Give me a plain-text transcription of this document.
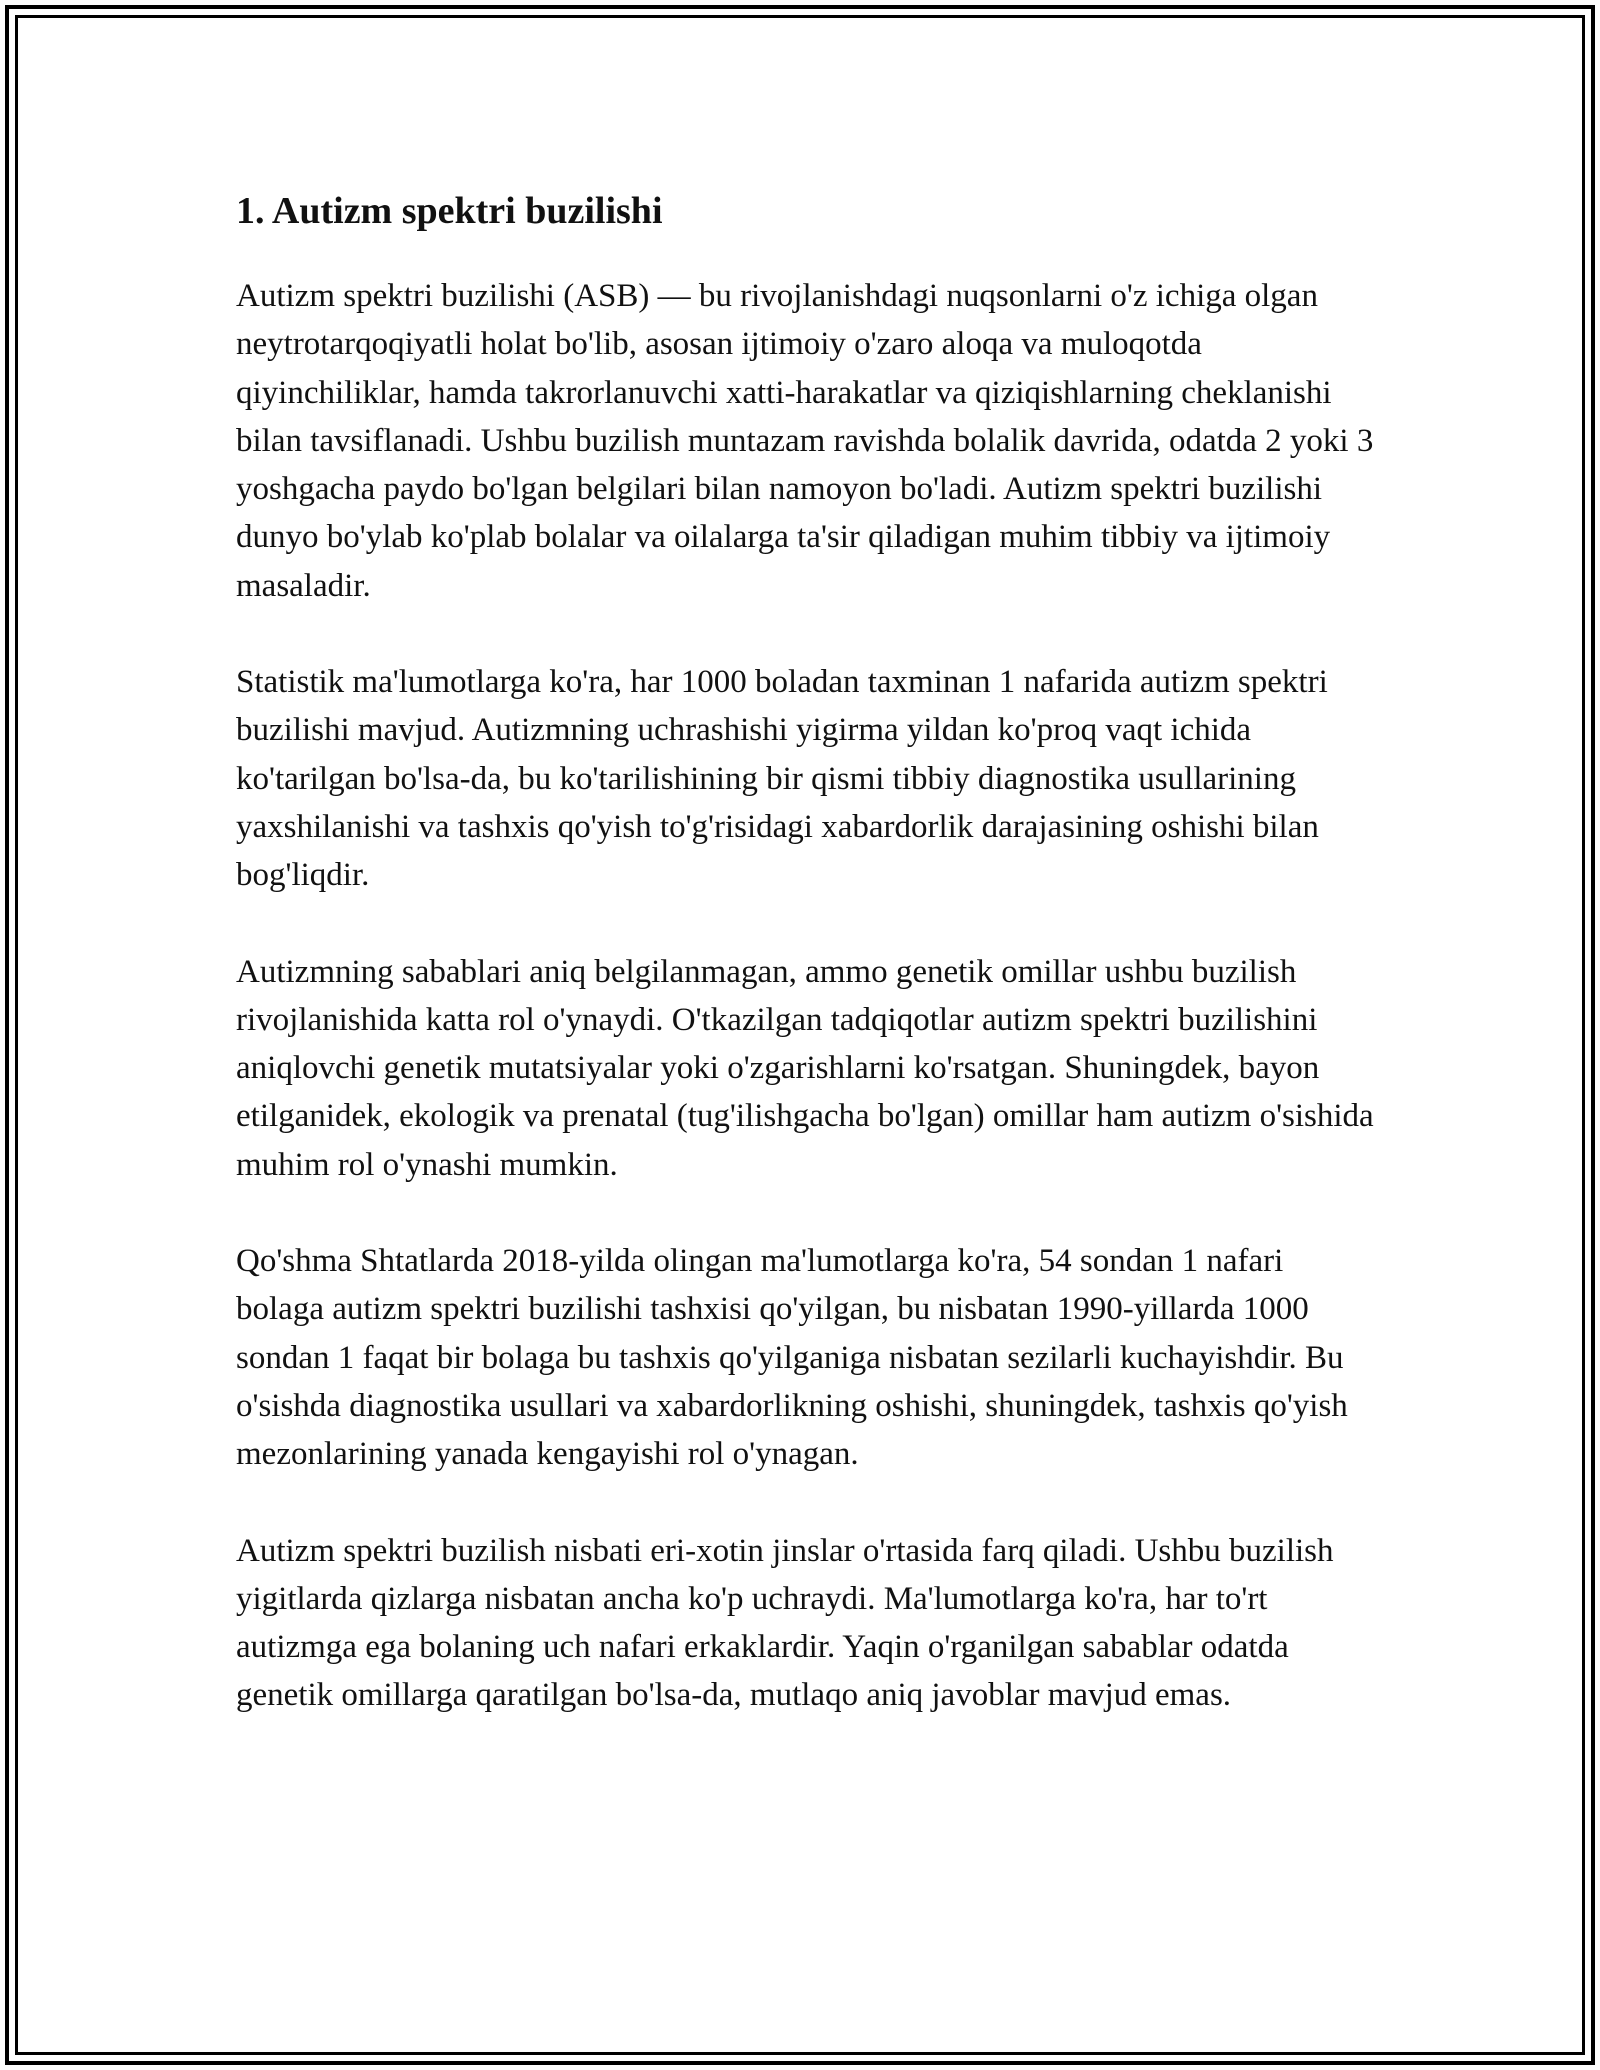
1. Autizm spektri buzilishi

Autizm spektri buzilishi (ASB) — bu rivojlanishdagi nuqsonlarni o'z ichiga olgan neytrotarqoqiyatli holat bo'lib, asosan ijtimoiy o'zaro aloqa va muloqotda qiyinchiliklar, hamda takrorlanuvchi xatti-harakatlar va qiziqishlarning cheklanishi bilan tavsiflanadi. Ushbu buzilish muntazam ravishda bolalik davrida, odatda 2 yoki 3 yoshgacha paydo bo'lgan belgilari bilan namoyon bo'ladi. Autizm spektri buzilishi dunyo bo'ylab ko'plab bolalar va oilalarga ta'sir qiladigan muhim tibbiy va ijtimoiy masaladir.

Statistik ma'lumotlarga ko'ra, har 1000 boladan taxminan 1 nafarida autizm spektri buzilishi mavjud. Autizmning uchrashishi yigirma yildan ko'proq vaqt ichida ko'tarilgan bo'lsa-da, bu ko'tarilishining bir qismi tibbiy diagnostika usullarining yaxshilanishi va tashxis qo'yish to'g'risidagi xabardorlik darajasining oshishi bilan bog'liqdir.

Autizmning sabablari aniq belgilanmagan, ammo genetik omillar ushbu buzilish rivojlanishida katta rol o'ynaydi. O'tkazilgan tadqiqotlar autizm spektri buzilishini aniqlovchi genetik mutatsiyalar yoki o'zgarishlarni ko'rsatgan. Shuningdek, bayon etilganidek, ekologik va prenatal (tug'ilishgacha bo'lgan) omillar ham autizm o'sishida muhim rol o'ynashi mumkin.

Qo'shma Shtatlarda 2018-yilda olingan ma'lumotlarga ko'ra, 54 sondan 1 nafari bolaga autizm spektri buzilishi tashxisi qo'yilgan, bu nisbatan 1990-yillarda 1000 sondan 1 faqat bir bolaga bu tashxis qo'yilganiga nisbatan sezilarli kuchayishdir. Bu o'sishda diagnostika usullari va xabardorlikning oshishi, shuningdek, tashxis qo'yish mezonlarining yanada kengayishi rol o'ynagan.

Autizm spektri buzilish nisbati eri-xotin jinslar o'rtasida farq qiladi. Ushbu buzilish yigitlarda qizlarga nisbatan ancha ko'p uchraydi. Ma'lumotlarga ko'ra, har to'rt autizmga ega bolaning uch nafari erkaklardir. Yaqin o'rganilgan sabablar odatda genetik omillarga qaratilgan bo'lsa-da, mutlaqo aniq javoblar mavjud emas.
